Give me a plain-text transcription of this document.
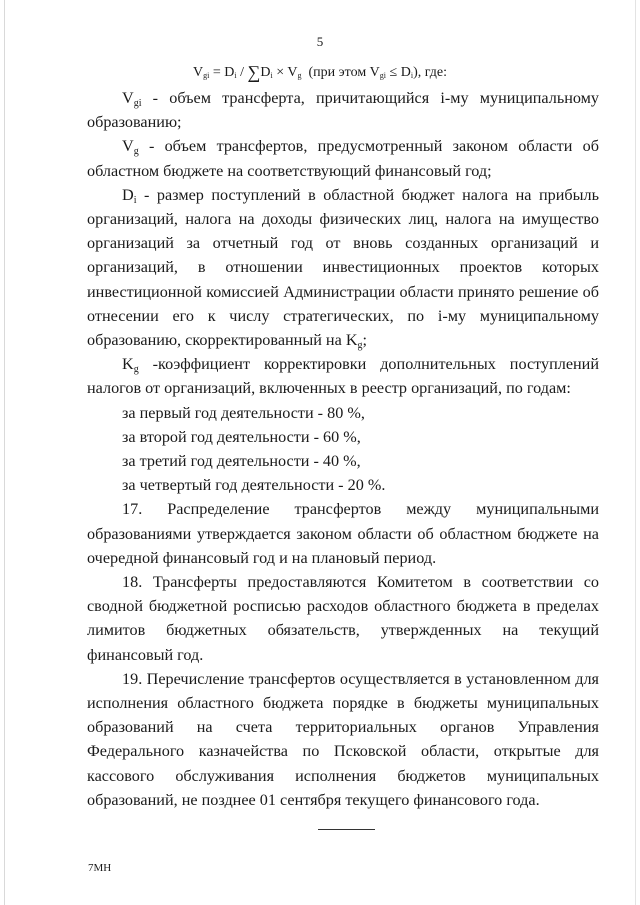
5
$V_{gi} = D_i / \sum D_i \times V_g$ (при этом $V_{gi} \le D_i$), где:

$V_{gi}$ - объем трансферта, причитающийся i-му муниципальному образованию;

$V_g$ - объем трансфертов, предусмотренный законом области об областном бюджете на соответствующий финансовый год;

$D_i$ - размер поступлений в областной бюджет налога на прибыль организаций, налога на доходы физических лиц, налога на имущество организаций за отчетный год от вновь созданных организаций и организаций, в отношении инвестиционных проектов которых инвестиционной комиссией Администрации области принято решение об отнесении его к числу стратегических, по i-му муниципальному образованию, скорректированный на $K_g$;

$K_g$ -коэффициент корректировки дополнительных поступлений налогов от организаций, включенных в реестр организаций, по годам:

за первый год деятельности - 80 %,

за второй год деятельности - 60 %,

за третий год деятельности - 40 %,

за четвертый год деятельности - 20 %.

17. Распределение трансфертов между муниципальными образованиями утверждается законом области об областном бюджете на очередной финансовый год и на плановый период.

18. Трансферты предоставляются Комитетом в соответствии со сводной бюджетной росписью расходов областного бюджета в пределах лимитов бюджетных обязательств, утвержденных на текущий финансовый год.

19. Перечисление трансфертов осуществляется в установленном для исполнения областного бюджета порядке в бюджеты муниципальных образований на счета территориальных органов Управления Федерального казначейства по Псковской области, открытые для кассового обслуживания исполнения бюджетов муниципальных образований, не позднее 01 сентября текущего финансового года.

7МН
